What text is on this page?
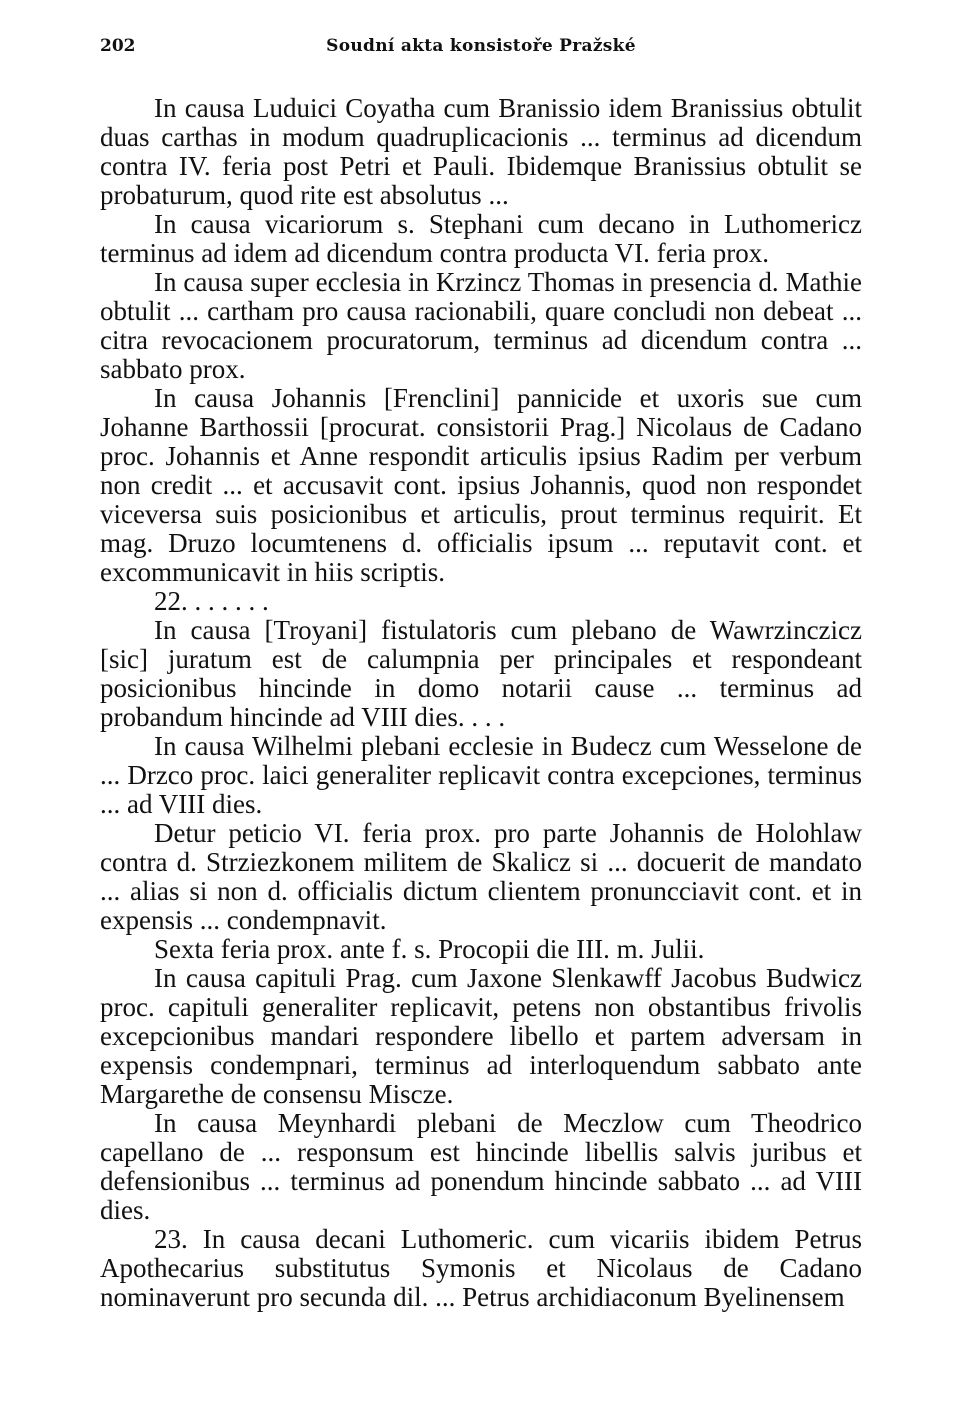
202	Soudní akta konsistoře Pražské

In causa Luduici Coyatha cum Branissio idem Branissius obtulit duas carthas in modum quadruplicacionis ... terminus ad dicendum contra IV. feria post Petri et Pauli. Ibidemque Branissius obtulit se probaturum, quod rite est absolutus ...

In causa vicariorum s. Stephani cum decano in Luthomericz terminus ad idem ad dicendum contra producta VI. feria prox.

In causa super ecclesia in Krzincz Thomas in presencia d. Mathie obtulit ... cartham pro causa racionabili, quare concludi non debeat ... citra revocacionem procuratorum, terminus ad dicendum contra ... sabbato prox.

In causa Johannis [Frenclini] pannicide et uxoris sue cum Johanne Barthossii [procurat. consistorii Prag.] Nicolaus de Cadano proc. Johannis et Anne respondit articulis ipsius Radim per verbum non credit ... et accusavit cont. ipsius Johannis, quod non respondet viceversa suis posicionibus et articulis, prout terminus requirit. Et mag. Druzo locumtenens d. officialis ipsum ... reputavit cont. et excommunicavit in hiis scriptis.

22. . . . . . .

In causa [Troyani] fistulatoris cum plebano de Wawrzinczicz [sic] juratum est de calumpnia per principales et respondeant posicionibus hincinde in domo notarii cause ... terminus ad probandum hincinde ad VIII dies. . . .

In causa Wilhelmi plebani ecclesie in Budecz cum Wesselone de ... Drzco proc. laici generaliter replicavit contra excepciones, terminus ... ad VIII dies.

Detur peticio VI. feria prox. pro parte Johannis de Holohlaw contra d. Strziezkonem militem de Skalicz si ... docuerit de mandato ... alias si non d. officialis dictum clientem pronuncciavit cont. et in expensis ... condempnavit.

Sexta feria prox. ante f. s. Procopii die III. m. Julii.

In causa capituli Prag. cum Jaxone Slenkawff Jacobus Budwicz proc. capituli generaliter replicavit, petens non obstantibus frivolis excepcionibus mandari respondere libello et partem adversam in expensis condempnari, terminus ad interloquendum sabbato ante Margarethe de consensu Miscze.

In causa Meynhardi plebani de Meczlow cum Theodrico capellano de ... responsum est hincinde libellis salvis juribus et defensionibus ... terminus ad ponendum hincinde sabbato ... ad VIII dies.

23. In causa decani Luthomeric. cum vicariis ibidem Petrus Apothecarius substitutus Symonis et Nicolaus de Cadano nominaverunt pro secunda dil. ... Petrus archidiaconum Byelinensem
